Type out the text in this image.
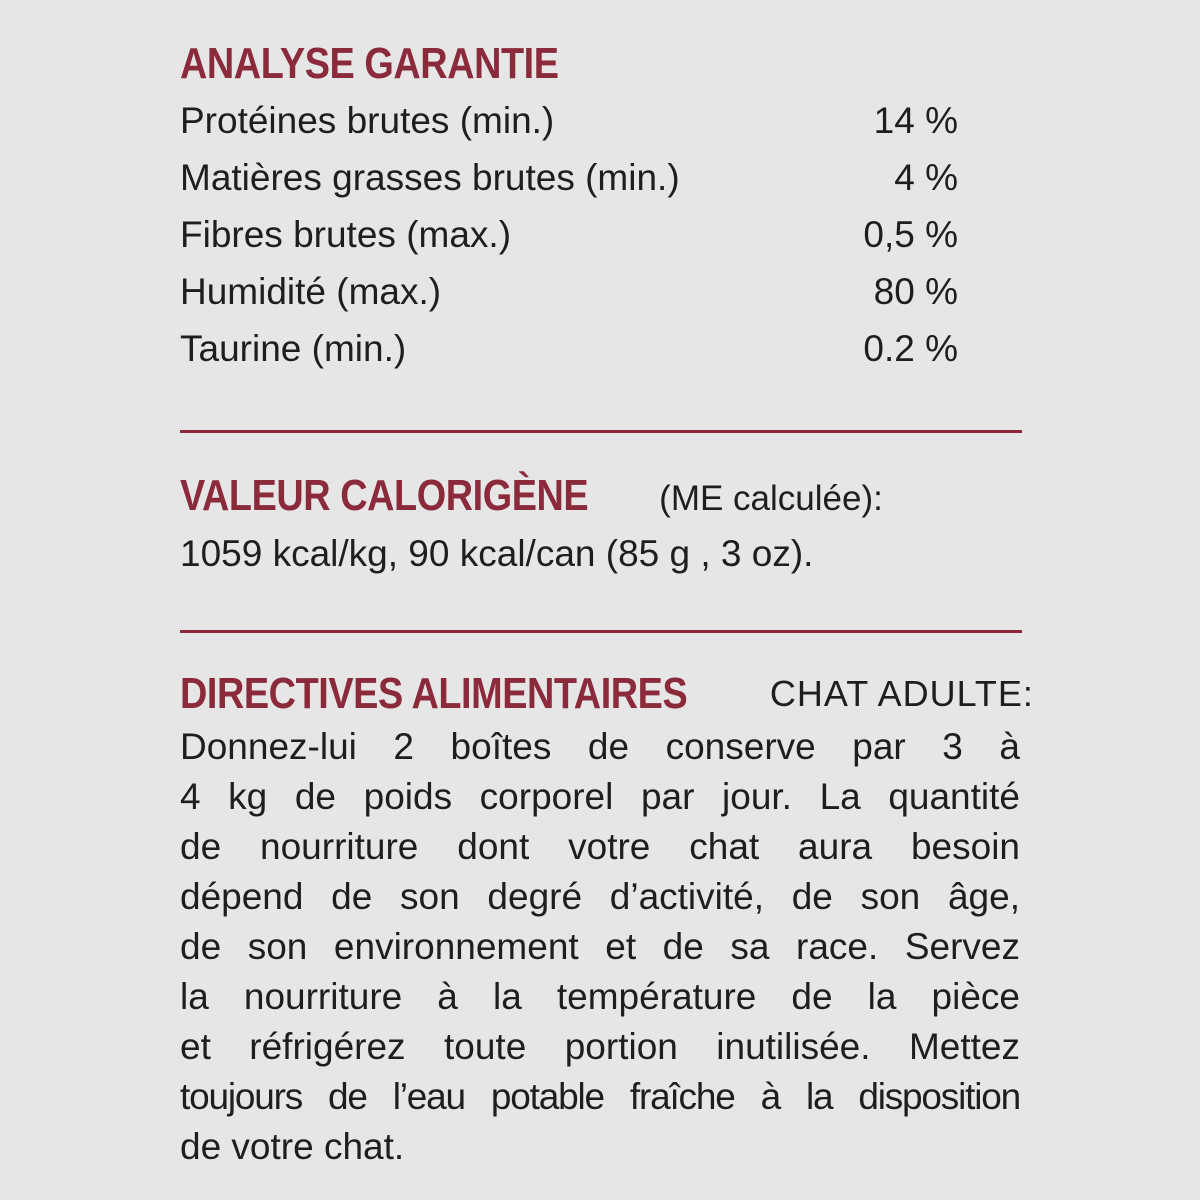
ANALYSE GARANTIE
Protéines brutes (min.)	14 %
Matières grasses brutes (min.)	4 %
Fibres brutes (max.)	0,5 %
Humidité (max.)	80 %
Taurine (min.)	0.2 %
VALEUR CALORIGÈNE (ME calculée):
1059 kcal/kg, 90 kcal/can (85 g , 3 oz).
DIRECTIVES ALIMENTAIRES CHAT ADULTE:
Donnez-lui 2 boîtes de conserve par 3 à
4 kg de poids corporel par jour. La quantité
de nourriture dont votre chat aura besoin
dépend de son degré d’activité, de son âge,
de son environnement et de sa race. Servez
la nourriture à la température de la pièce
et réfrigérez toute portion inutilisée. Mettez
toujours de l’eau potable fraîche à la disposition
de votre chat.
